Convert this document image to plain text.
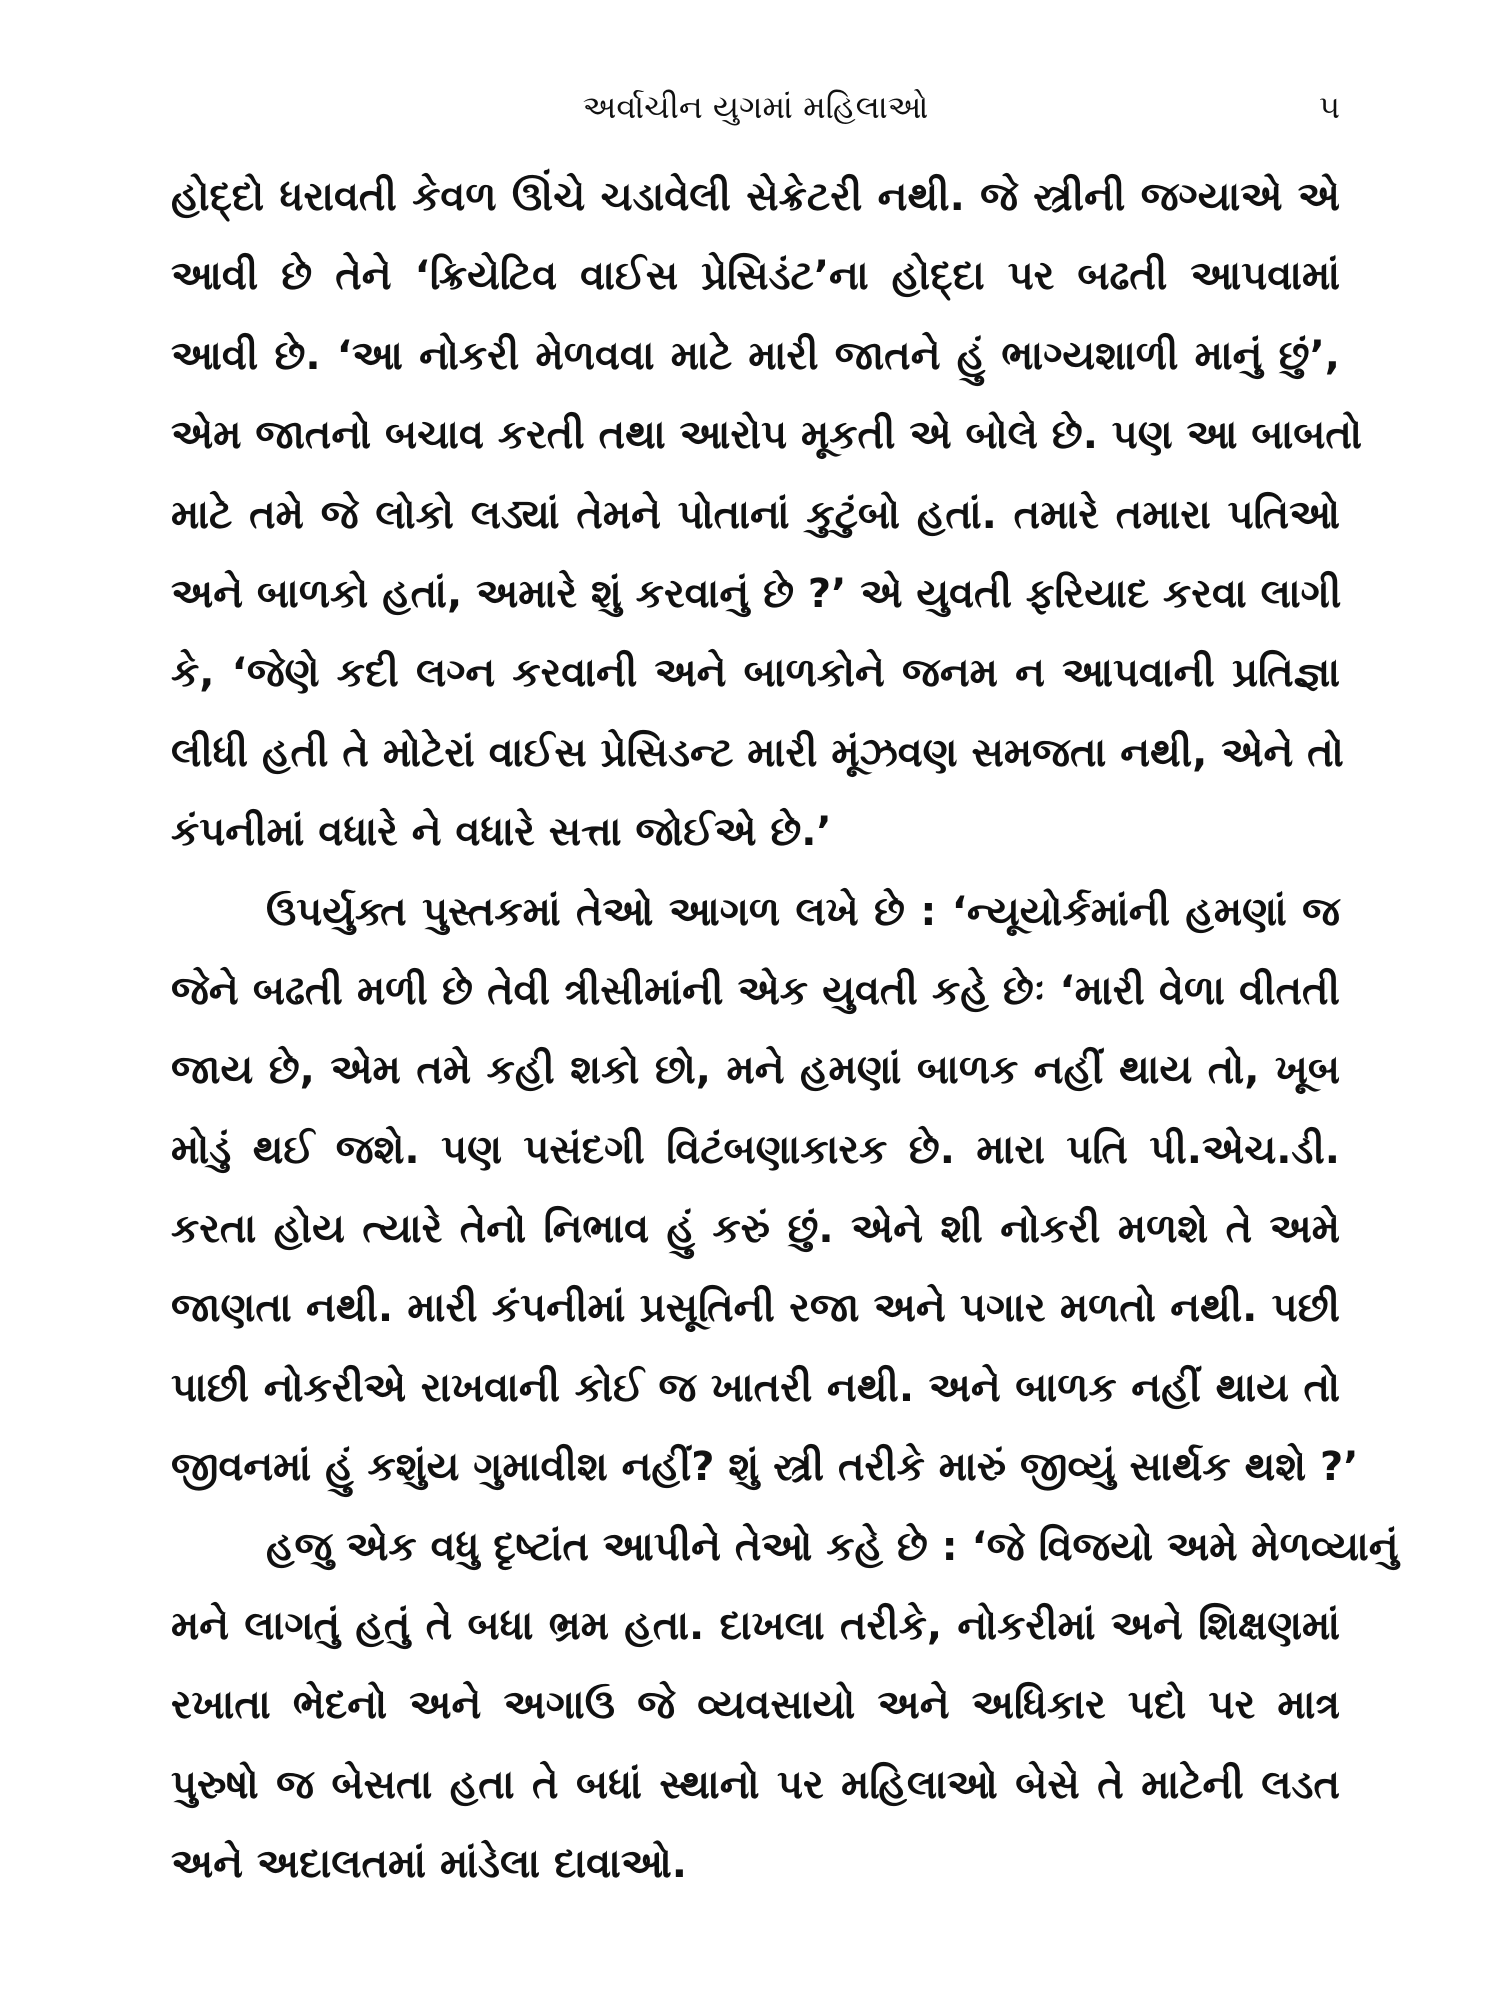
અર્વાચીન યુગમાં મહિલાઓ	૫
હોદ્દો ધરાવતી કેવળ ઊંચે ચડાવેલી સેક્રેટરી નથી. જે સ્ત્રીની જગ્યાએ એ
આવી છે તેને ‘ક્રિયેટિવ વાઈસ પ્રેસિડંટ’ના હોદ્દા પર બઢતી આપવામાં
આવી છે. ‘આ નોકરી મેળવવા માટે મારી જાતને હું ભાગ્યશાળી માનું છું’,
એમ જાતનો બચાવ કરતી તથા આરોપ મૂકતી એ બોલે છે. પણ આ બાબતો
માટે તમે જે લોકો લડ્યાં તેમને પોતાનાં કુટુંબો હતાં. તમારે તમારા પતિઓ
અને બાળકો હતાં, અમારે શું કરવાનું છે ?’ એ યુવતી ફરિયાદ કરવા લાગી
કે, ‘જેણે કદી લગ્ન કરવાની અને બાળકોને જનમ ન આપવાની પ્રતિજ્ઞા
લીધી હતી તે મોટેરાં વાઈસ પ્રેસિડન્ટ મારી મૂંઝવણ સમજતા નથી, એને તો
કંપનીમાં વધારે ને વધારે સત્તા જોઈએ છે.’
ઉપર્યુક્ત પુસ્તકમાં તેઓ આગળ લખે છે : ‘ન્યૂયોર્કમાંની હમણાં જ
જેને બઢતી મળી છે તેવી ત્રીસીમાંની એક યુવતી કહે છેઃ ‘મારી વેળા વીતતી
જાય છે, એમ તમે કહી શકો છો, મને હમણાં બાળક નહીં થાય તો, ખૂબ
મોડું થઈ જશે. પણ પસંદગી વિટંબણાકારક છે. મારા પતિ પી.એચ.ડી.
કરતા હોય ત્યારે તેનો નિભાવ હું કરું છું. એને શી નોકરી મળશે તે અમે
જાણતા નથી. મારી કંપનીમાં પ્રસૂતિની રજા અને પગાર મળતો નથી. પછી
પાછી નોકરીએ રાખવાની કોઈ જ ખાતરી નથી. અને બાળક નહીં થાય તો
જીવનમાં હું કશુંય ગુમાવીશ નહીં? શું સ્ત્રી તરીકે મારું જીવ્યું સાર્થક થશે ?’
હજુ એક વધુ દૃષ્ટાંત આપીને તેઓ કહે છે : ‘જે વિજયો અમે મેળવ્યાનું
મને લાગતું હતું તે બધા ભ્રમ હતા. દાખલા તરીકે, નોકરીમાં અને શિક્ષણમાં
રખાતા ભેદનો અને અગાઉ જે વ્યવસાયો અને અધિકાર પદો પર માત્ર
પુરુષો જ બેસતા હતા તે બધાં સ્થાનો પર મહિલાઓ બેસે તે માટેની લડત
અને અદાલતમાં માંડેલા દાવાઓ.
